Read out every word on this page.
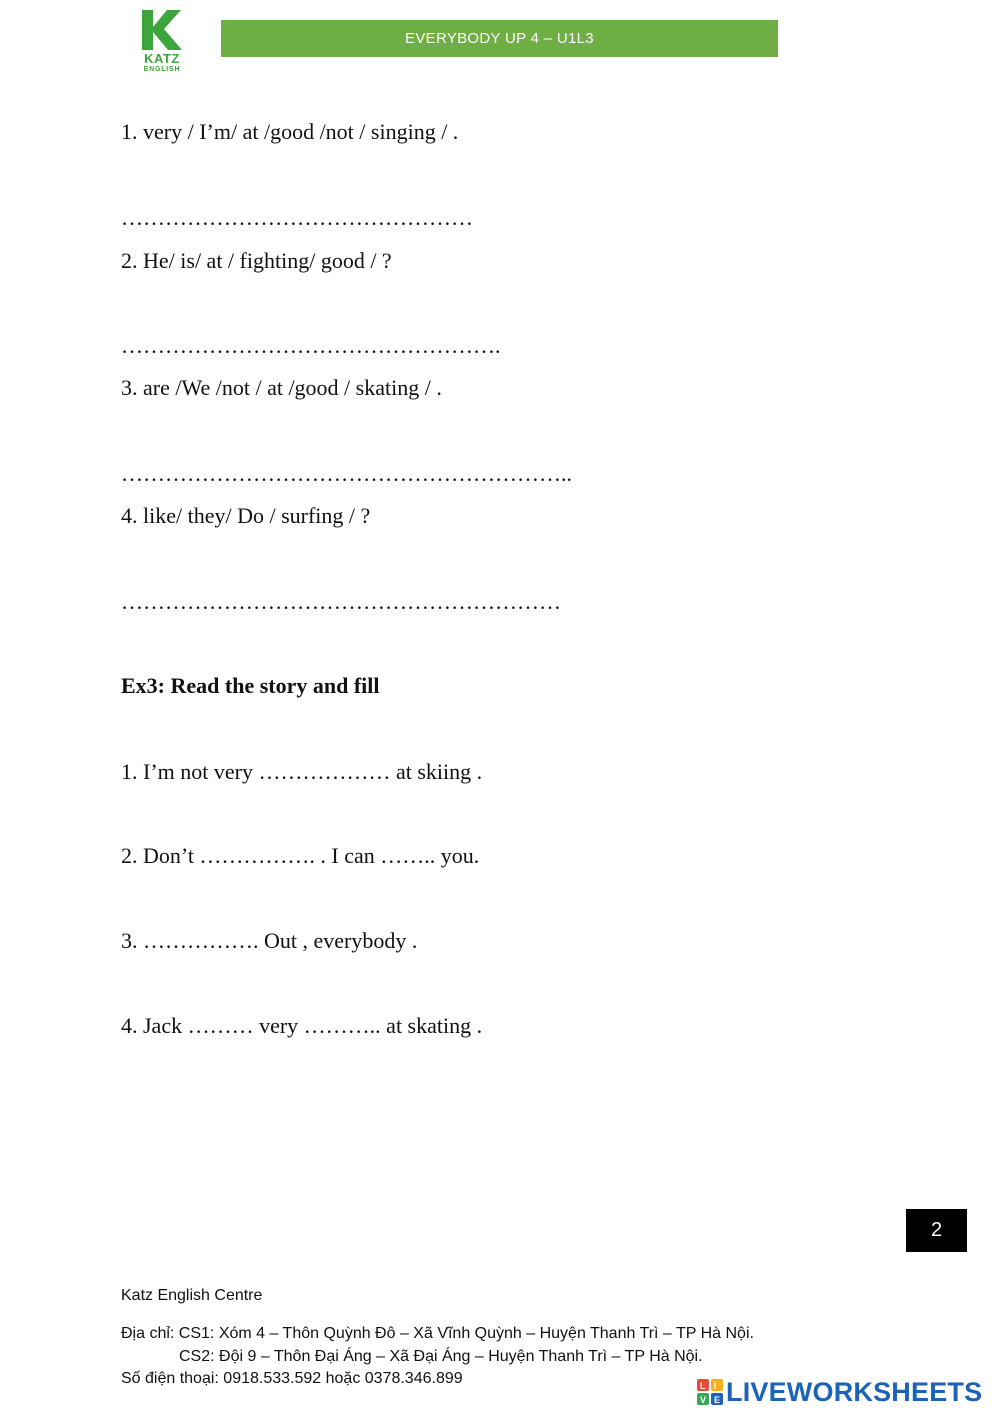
KATZ
ENGLISH
EVERYBODY UP 4 – U1L3
1. very / I’m/ at /good /not / singing / .
…………………………………………
2. He/ is/ at / fighting/ good / ?
…………………………………………….
3. are /We /not / at /good / skating / .
……………………………………………………..
4. like/ they/ Do / surfing / ?
……………………………………………………
Ex3: Read the story and fill
1. I’m not very ……………… at skiing .
2. Don’t ……………. . I can …….. you.
3. ……………. Out , everybody .
4. Jack ……… very ……….. at skating .
2
Katz English Centre
Địa chỉ: CS1: Xóm 4 – Thôn Quỳnh Đô – Xã Vĩnh Quỳnh – Huyện Thanh Trì – TP Hà Nội.
CS2: Đội 9 – Thôn Đại Áng – Xã Đại Áng – Huyện Thanh Trì – TP Hà Nội.
Số điện thoại: 0918.533.592 hoặc 0378.346.899	L I
V E LIVEWORKSHEETS
